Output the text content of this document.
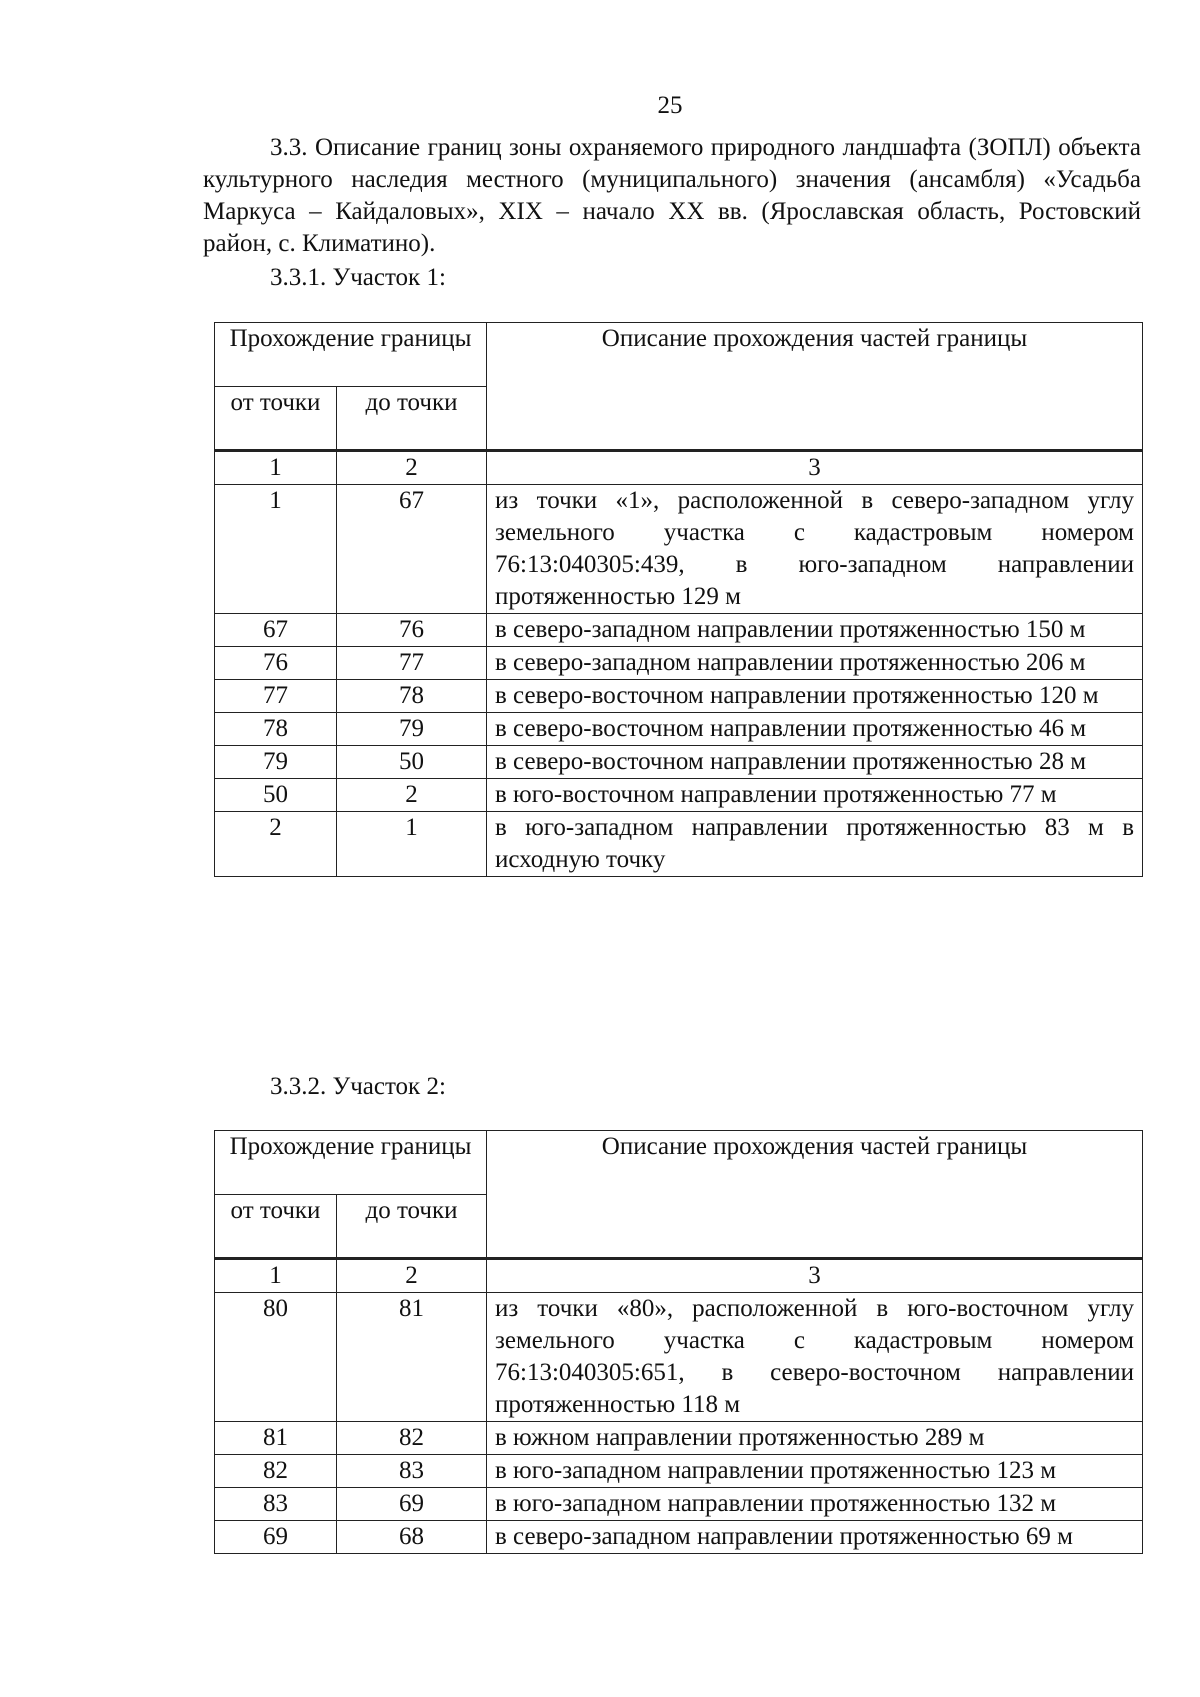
25

3.3. Описание границ зоны охраняемого природного ландшафта (ЗОПЛ) объекта культурного наследия местного (муниципального) значения (ансамбля) «Усадьба Маркуса – Кайдаловых», XIX – начало XX вв. (Ярославская область, Ростовский район, с. Климатино).

3.3.1. Участок 1:

Прохождение границы		Описание прохождения частей границы
от точки	до точки	
1	2	3
1	67	из точки «1», расположенной в северо-западном углу земельного участка с кадастровым номером 76:13:040305:439, в юго-западном направлении протяженностью 129 м
67	76	в северо-западном направлении протяженностью 150 м
76	77	в северо-западном направлении протяженностью 206 м
77	78	в северо-восточном направлении протяженностью 120 м
78	79	в северо-восточном направлении протяженностью 46 м
79	50	в северо-восточном направлении протяженностью 28 м
50	2	в юго-восточном направлении протяженностью 77 м
2	1	в юго-западном направлении протяженностью 83 м в исходную точку

3.3.2. Участок 2:

Прохождение границы		Описание прохождения частей границы
от точки	до точки	
1	2	3
80	81	из точки «80», расположенной в юго-восточном углу земельного участка с кадастровым номером 76:13:040305:651, в северо-восточном направлении протяженностью 118 м
81	82	в южном направлении протяженностью 289 м
82	83	в юго-западном направлении протяженностью 123 м
83	69	в юго-западном направлении протяженностью 132 м
69	68	в северо-западном направлении протяженностью 69 м
